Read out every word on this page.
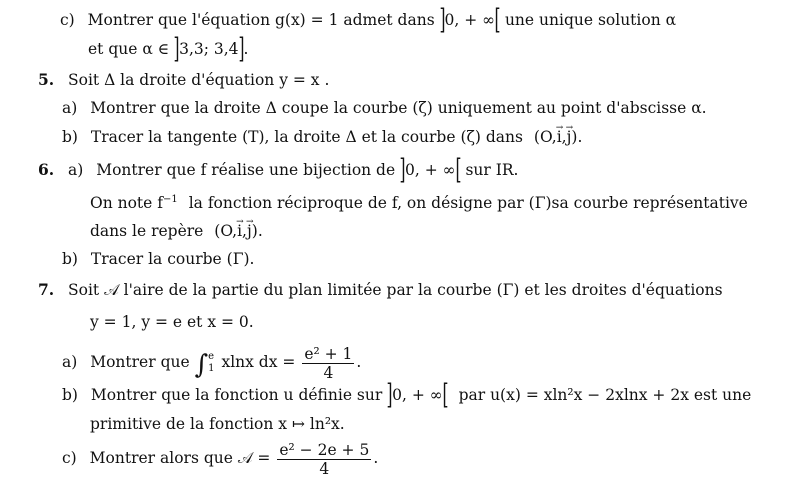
c) Montrer que l'équation g(x) = 1 admet dans ]0, + ∞[ une unique solution α
et que α ∈ ]3,3; 3,4].
5. Soit Δ la droite d'équation y = x .
a) Montrer que la droite Δ coupe la courbe (ζ) uniquement au point d'abscisse α.
b) Tracer la tangente (T), la droite Δ et la courbe (ζ) dans (O,→ i,→ j).
6. a) Montrer que f réalise une bijection de ]0, + ∞[ sur IR.
On note $f^{-1}$ la fonction réciproque de f, on désigne par (Γ)sa courbe représentative
dans le repère (O,→ i,→ j).
b) Tracer la courbe (Γ).
7. Soit 𝒜 l'aire de la partie du plan limitée par la courbe (Γ) et les droites d'équations
y = 1, y = e et x = 0.
a) Montrer que ∫ e
1 xlnx dx = $\frac{\text{e² + 1}}{4}$ .
b) Montrer que la fonction u définie sur ]0, + ∞[ par u(x) = xln²x − 2xlnx + 2x est une
primitive de la fonction x ↦ ln²x.
c) Montrer alors que 𝒜 = $\frac{\text{e² − 2e + 5}}{4}$ .
